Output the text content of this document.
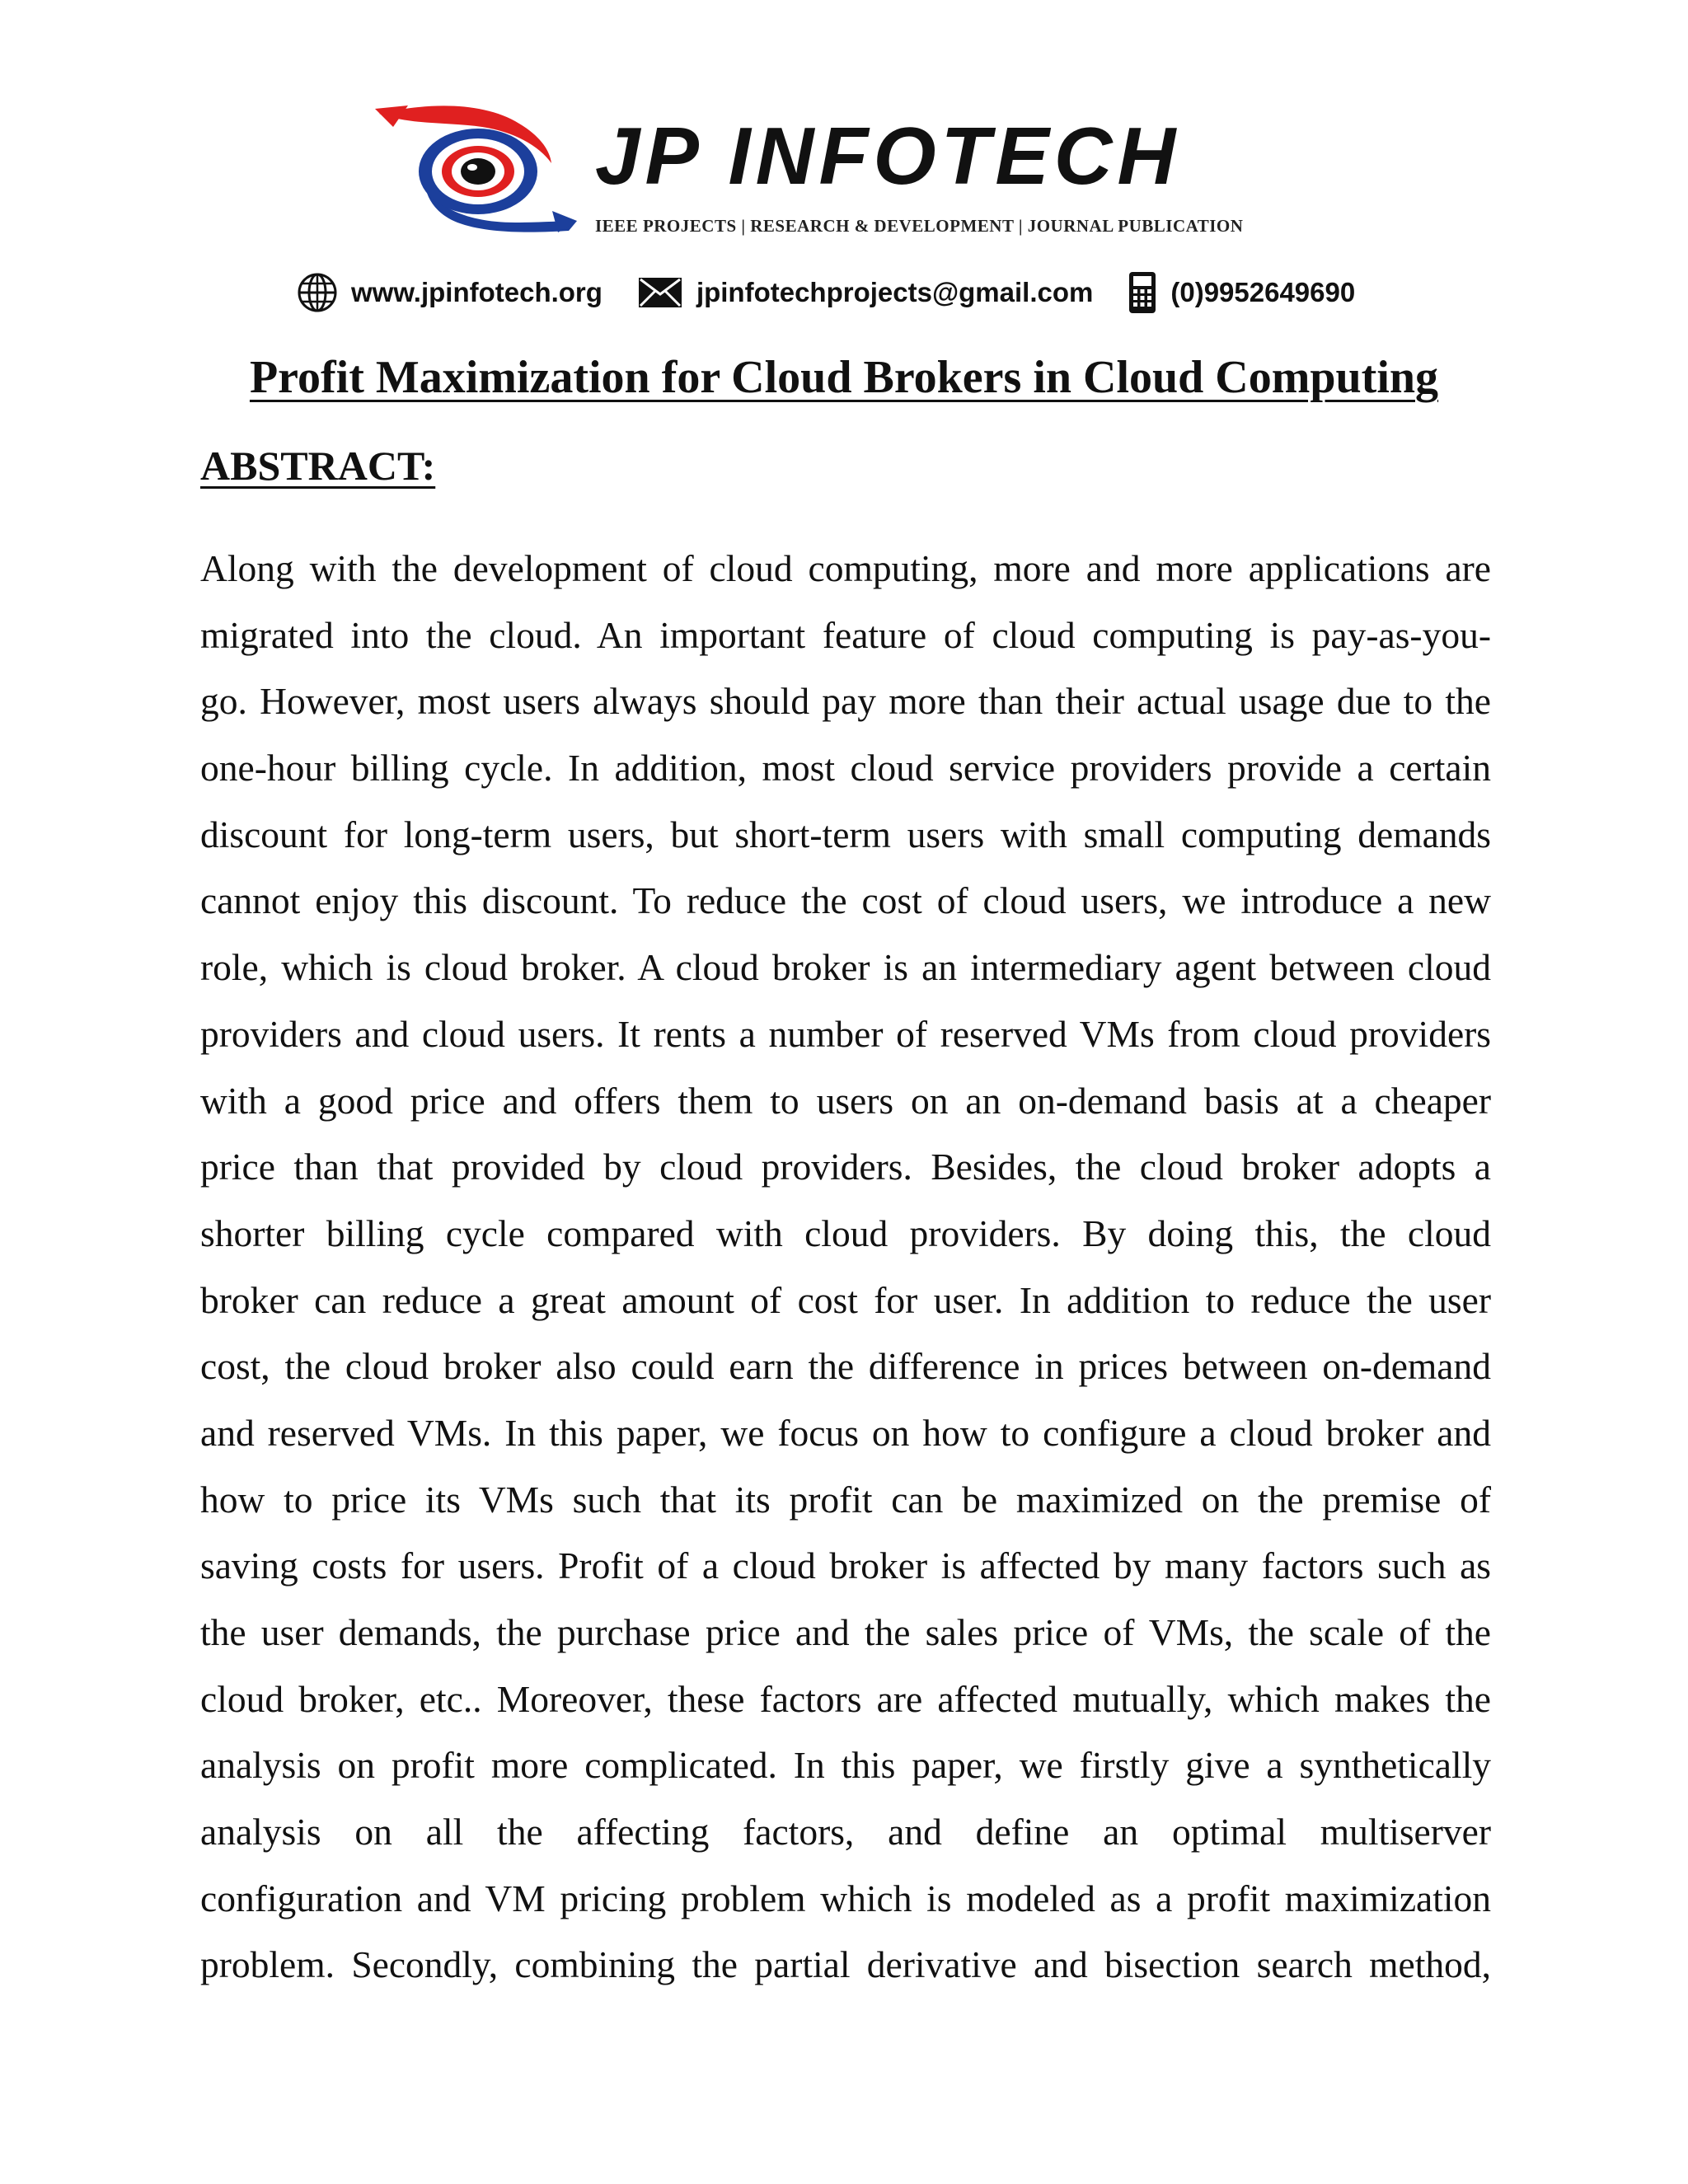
JP INFOTECH
IEEE PROJECTS | RESEARCH & DEVELOPMENT | JOURNAL PUBLICATION
www.jpinfotech.org	jpinfotechprojects@gmail.com	(0)9952649690
Profit Maximization for Cloud Brokers in Cloud Computing
ABSTRACT:
Along with the development of cloud computing, more and more applications are
migrated into the cloud. An important feature of cloud computing is pay-as-you-
go. However, most users always should pay more than their actual usage due to the
one-hour billing cycle. In addition, most cloud service providers provide a certain
discount for long-term users, but short-term users with small computing demands
cannot enjoy this discount. To reduce the cost of cloud users, we introduce a new
role, which is cloud broker. A cloud broker is an intermediary agent between cloud
providers and cloud users. It rents a number of reserved VMs from cloud providers
with a good price and offers them to users on an on-demand basis at a cheaper
price than that provided by cloud providers. Besides, the cloud broker adopts a
shorter billing cycle compared with cloud providers. By doing this, the cloud
broker can reduce a great amount of cost for user. In addition to reduce the user
cost, the cloud broker also could earn the difference in prices between on-demand
and reserved VMs. In this paper, we focus on how to configure a cloud broker and
how to price its VMs such that its profit can be maximized on the premise of
saving costs for users. Profit of a cloud broker is affected by many factors such as
the user demands, the purchase price and the sales price of VMs, the scale of the
cloud broker, etc.. Moreover, these factors are affected mutually, which makes the
analysis on profit more complicated. In this paper, we firstly give a synthetically
analysis on all the affecting factors, and define an optimal multiserver
configuration and VM pricing problem which is modeled as a profit maximization
problem. Secondly, combining the partial derivative and bisection search method,
